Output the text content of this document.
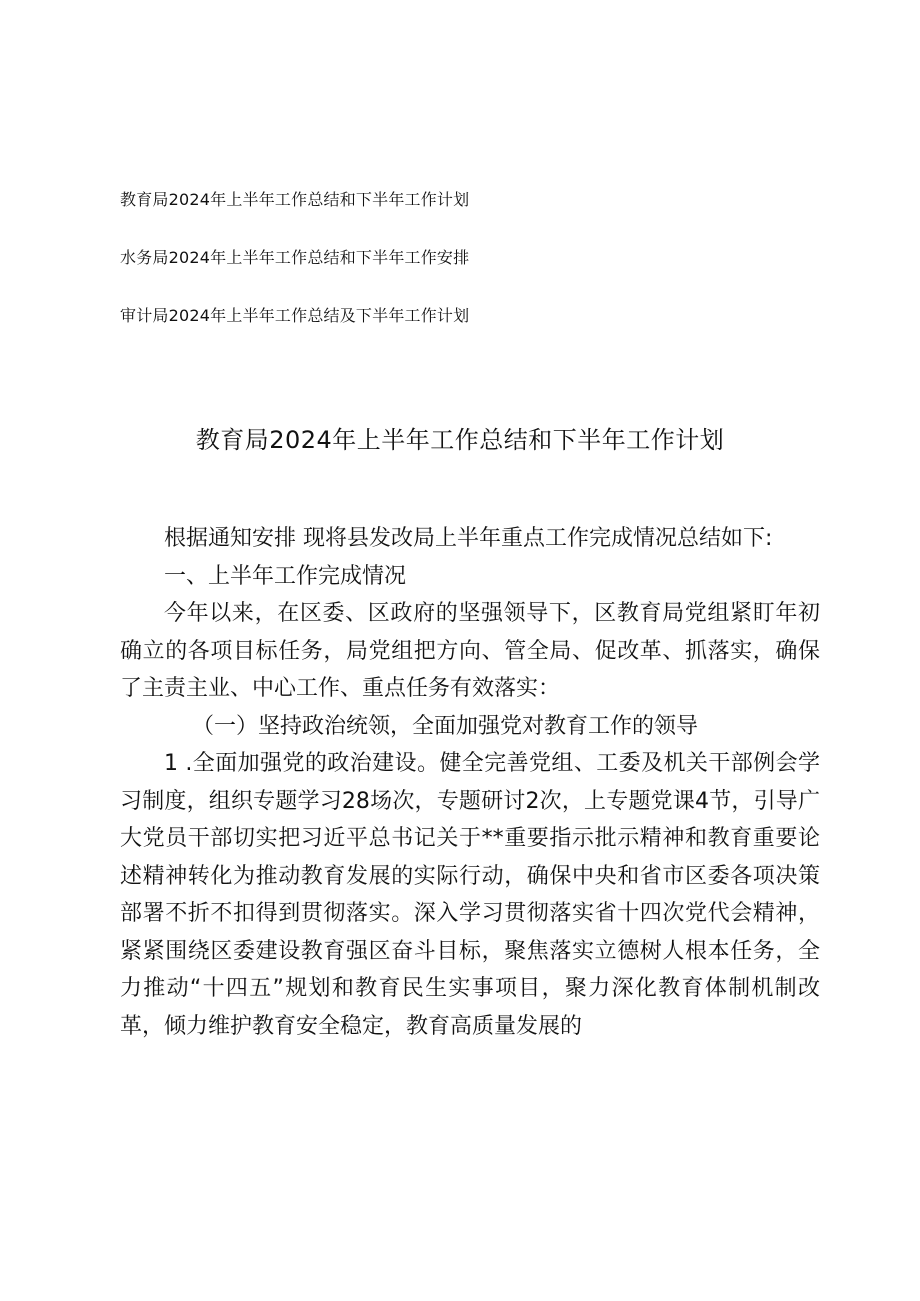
教育局2024年上半年工作总结和下半年工作计划
水务局2024年上半年工作总结和下半年工作安排
审计局2024年上半年工作总结及下半年工作计划
教育局2024年上半年工作总结和下半年工作计划

根据通知安排 现将县发改局上半年重点工作完成情况总结如下:

一、上半年工作完成情况

今年以来，在区委、区政府的坚强领导下，区教育局党组紧盯年初确立的各项目标任务，局党组把方向、管全局、促改革、抓落实，确保了主责主业、中心工作、重点任务有效落实：

（一）坚持政治统领，全面加强党对教育工作的领导

1 .全面加强党的政治建设。健全完善党组、工委及机关干部例会学习制度，组织专题学习28场次，专题研讨2次，上专题党课4节，引导广大党员干部切实把习近平总书记关于**重要指示批示精神和教育重要论述精神转化为推动教育发展的实际行动，确保中央和省市区委各项决策部署不折不扣得到贯彻落实。深入学习贯彻落实省十四次党代会精神，紧紧围绕区委建设教育强区奋斗目标，聚焦落实立德树人根本任务，全力推动“十四五”规划和教育民生实事项目，聚力深化教育体制机制改革，倾力维护教育安全稳定，教育高质量发展的
